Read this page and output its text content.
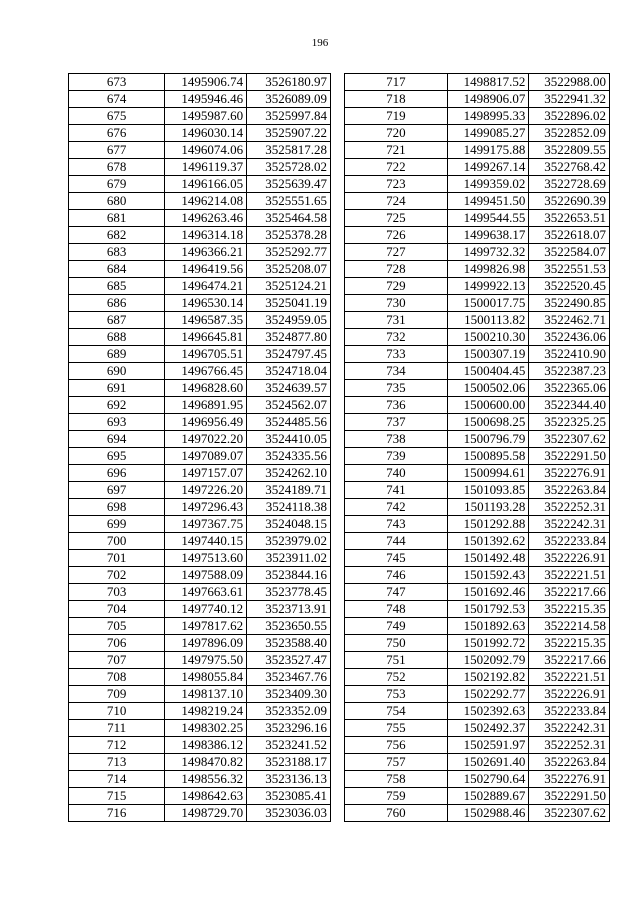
196
673	1495906.74	3526180.97
674	1495946.46	3526089.09
675	1495987.60	3525997.84
676	1496030.14	3525907.22
677	1496074.06	3525817.28
678	1496119.37	3525728.02
679	1496166.05	3525639.47
680	1496214.08	3525551.65
681	1496263.46	3525464.58
682	1496314.18	3525378.28
683	1496366.21	3525292.77
684	1496419.56	3525208.07
685	1496474.21	3525124.21
686	1496530.14	3525041.19
687	1496587.35	3524959.05
688	1496645.81	3524877.80
689	1496705.51	3524797.45
690	1496766.45	3524718.04
691	1496828.60	3524639.57
692	1496891.95	3524562.07
693	1496956.49	3524485.56
694	1497022.20	3524410.05
695	1497089.07	3524335.56
696	1497157.07	3524262.10
697	1497226.20	3524189.71
698	1497296.43	3524118.38
699	1497367.75	3524048.15
700	1497440.15	3523979.02
701	1497513.60	3523911.02
702	1497588.09	3523844.16
703	1497663.61	3523778.45
704	1497740.12	3523713.91
705	1497817.62	3523650.55
706	1497896.09	3523588.40
707	1497975.50	3523527.47
708	1498055.84	3523467.76
709	1498137.10	3523409.30
710	1498219.24	3523352.09
711	1498302.25	3523296.16
712	1498386.12	3523241.52
713	1498470.82	3523188.17
714	1498556.32	3523136.13
715	1498642.63	3523085.41
716	1498729.70	3523036.03
717	1498817.52	3522988.00
718	1498906.07	3522941.32
719	1498995.33	3522896.02
720	1499085.27	3522852.09
721	1499175.88	3522809.55
722	1499267.14	3522768.42
723	1499359.02	3522728.69
724	1499451.50	3522690.39
725	1499544.55	3522653.51
726	1499638.17	3522618.07
727	1499732.32	3522584.07
728	1499826.98	3522551.53
729	1499922.13	3522520.45
730	1500017.75	3522490.85
731	1500113.82	3522462.71
732	1500210.30	3522436.06
733	1500307.19	3522410.90
734	1500404.45	3522387.23
735	1500502.06	3522365.06
736	1500600.00	3522344.40
737	1500698.25	3522325.25
738	1500796.79	3522307.62
739	1500895.58	3522291.50
740	1500994.61	3522276.91
741	1501093.85	3522263.84
742	1501193.28	3522252.31
743	1501292.88	3522242.31
744	1501392.62	3522233.84
745	1501492.48	3522226.91
746	1501592.43	3522221.51
747	1501692.46	3522217.66
748	1501792.53	3522215.35
749	1501892.63	3522214.58
750	1501992.72	3522215.35
751	1502092.79	3522217.66
752	1502192.82	3522221.51
753	1502292.77	3522226.91
754	1502392.63	3522233.84
755	1502492.37	3522242.31
756	1502591.97	3522252.31
757	1502691.40	3522263.84
758	1502790.64	3522276.91
759	1502889.67	3522291.50
760	1502988.46	3522307.62
